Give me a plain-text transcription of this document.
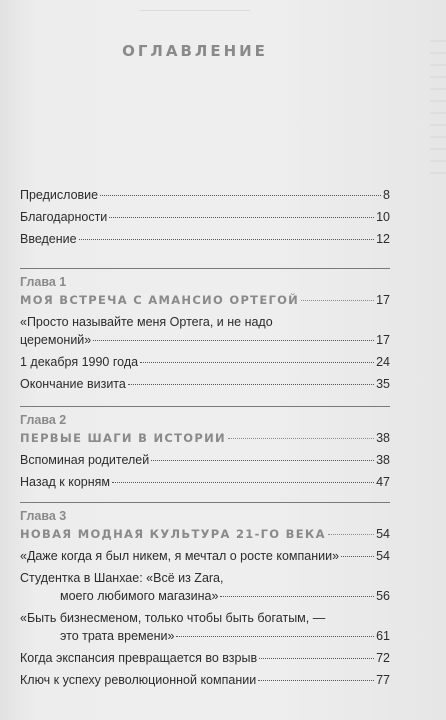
ОГЛАВЛЕНИЕ
Предисловие	8
Благодарности	10
Введение	12
Глава 1
МОЯ ВСТРЕЧА С АМАНСИО ОРТЕГОЙ	17
«Просто называйте меня Ортега, и не надо
церемоний»	17
1 декабря 1990 года	24
Окончание визита	35
Глава 2
ПЕРВЫЕ ШАГИ В ИСТОРИИ	38
Вспоминая родителей	38
Назад к корням	47
Глава 3
НОВАЯ МОДНАЯ КУЛЬТУРА 21-ГО ВЕКА	54
«Даже когда я был никем, я мечтал о росте компании»	54
Студентка в Шанхае: «Всё из Zara,
моего любимого магазина»	56
«Быть бизнесменом, только чтобы быть богатым, —
это трата времени»	61
Когда экспансия превращается во взрыв	72
Ключ к успеху революционной компании	77
